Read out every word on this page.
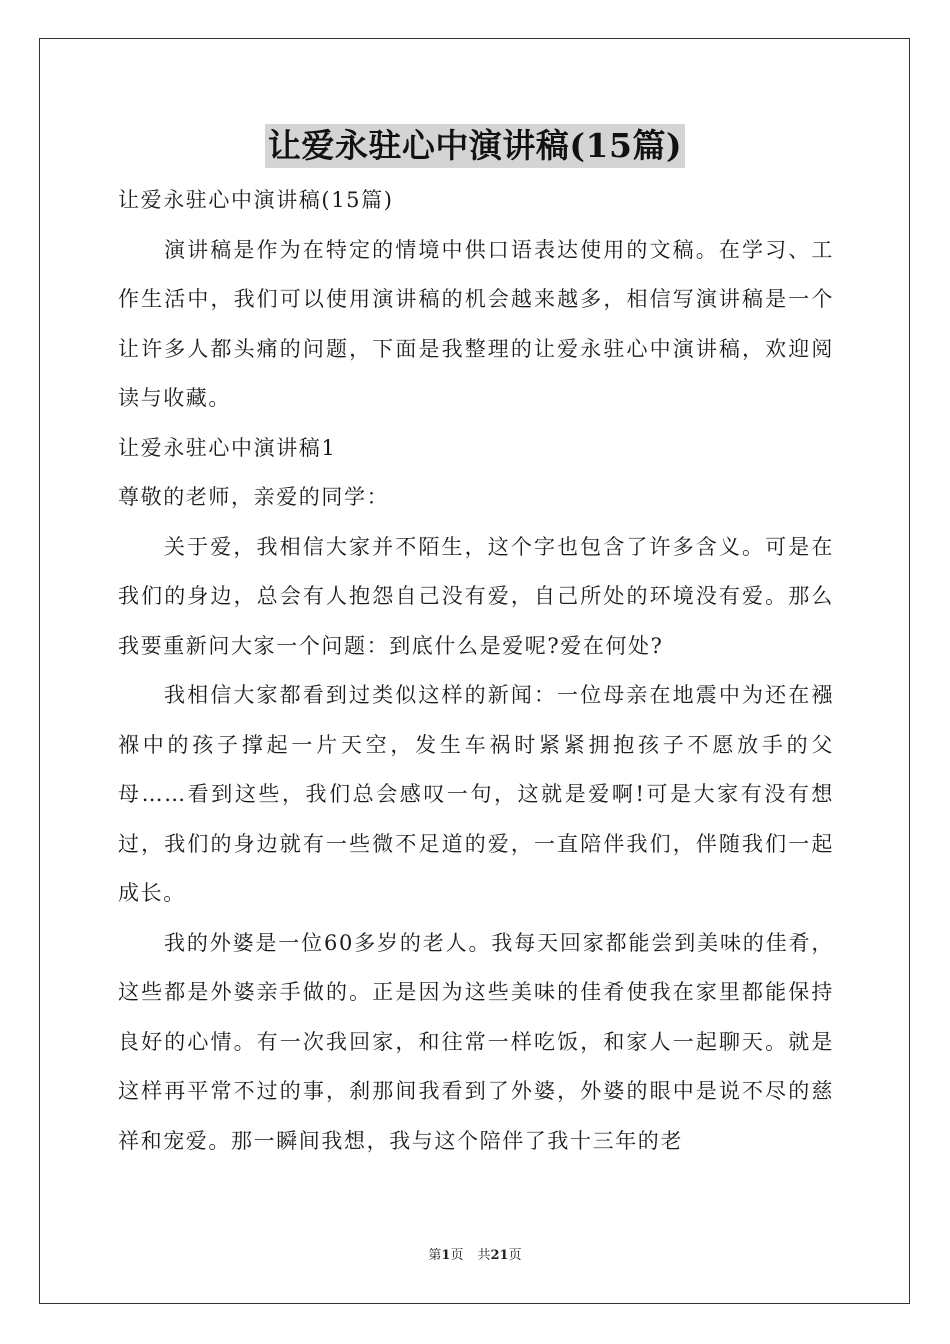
让爱永驻心中演讲稿(15篇)

让爱永驻心中演讲稿(15篇)

演讲稿是作为在特定的情境中供口语表达使用的文稿。在学习、工作生活中，我们可以使用演讲稿的机会越来越多，相信写演讲稿是一个让许多人都头痛的问题，下面是我整理的让爱永驻心中演讲稿，欢迎阅读与收藏。

让爱永驻心中演讲稿1

尊敬的老师，亲爱的同学：

关于爱，我相信大家并不陌生，这个字也包含了许多含义。可是在我们的身边，总会有人抱怨自己没有爱，自己所处的环境没有爱。那么我要重新问大家一个问题：到底什么是爱呢?爱在何处?

我相信大家都看到过类似这样的新闻：一位母亲在地震中为还在襁褓中的孩子撑起一片天空，发生车祸时紧紧拥抱孩子不愿放手的父母……看到这些，我们总会感叹一句，这就是爱啊!可是大家有没有想过，我们的身边就有一些微不足道的爱，一直陪伴我们，伴随我们一起成长。

我的外婆是一位60多岁的老人。我每天回家都能尝到美味的佳肴，这些都是外婆亲手做的。正是因为这些美味的佳肴使我在家里都能保持良好的心情。有一次我回家，和往常一样吃饭，和家人一起聊天。就是这样再平常不过的事，刹那间我看到了外婆，外婆的眼中是说不尽的慈祥和宠爱。那一瞬间我想，我与这个陪伴了我十三年的老

第1页 共21页
